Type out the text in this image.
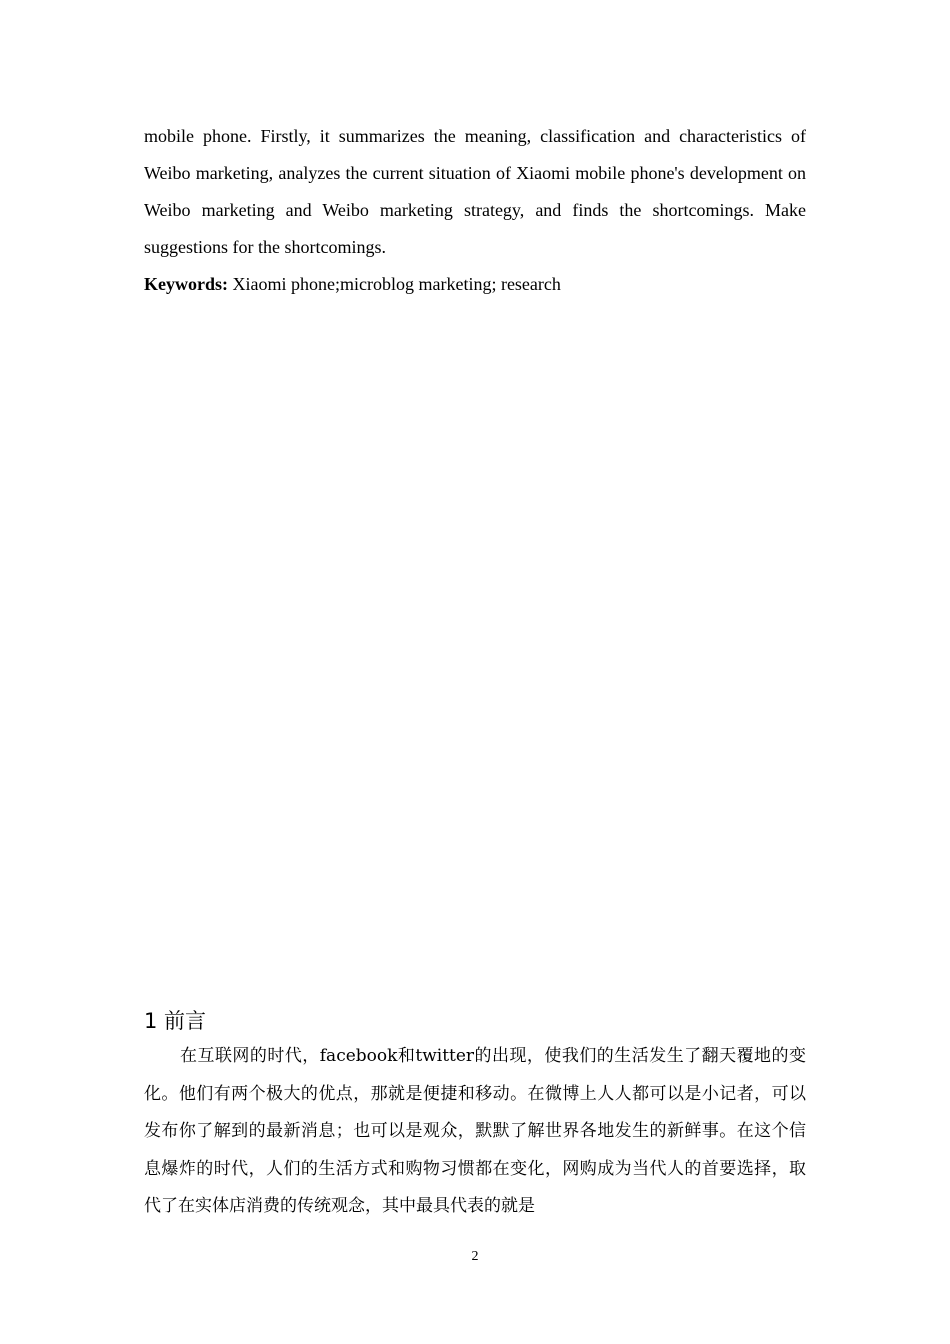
mobile phone. Firstly, it summarizes the meaning, classification and characteristics of Weibo marketing, analyzes the current situation of Xiaomi mobile phone's development on Weibo marketing and Weibo marketing strategy, and finds the shortcomings. Make suggestions for the shortcomings.

Keywords: Xiaomi phone;microblog marketing; research
1 前言

在互联网的时代，facebook和twitter的出现，使我们的生活发生了翻天覆地的变化。他们有两个极大的优点，那就是便捷和移动。在微博上人人都可以是小记者，可以发布你了解到的最新消息；也可以是观众，默默了解世界各地发生的新鲜事。在这个信息爆炸的时代，人们的生活方式和购物习惯都在变化，网购成为当代人的首要选择，取代了在实体店消费的传统观念，其中最具代表的就是

2
